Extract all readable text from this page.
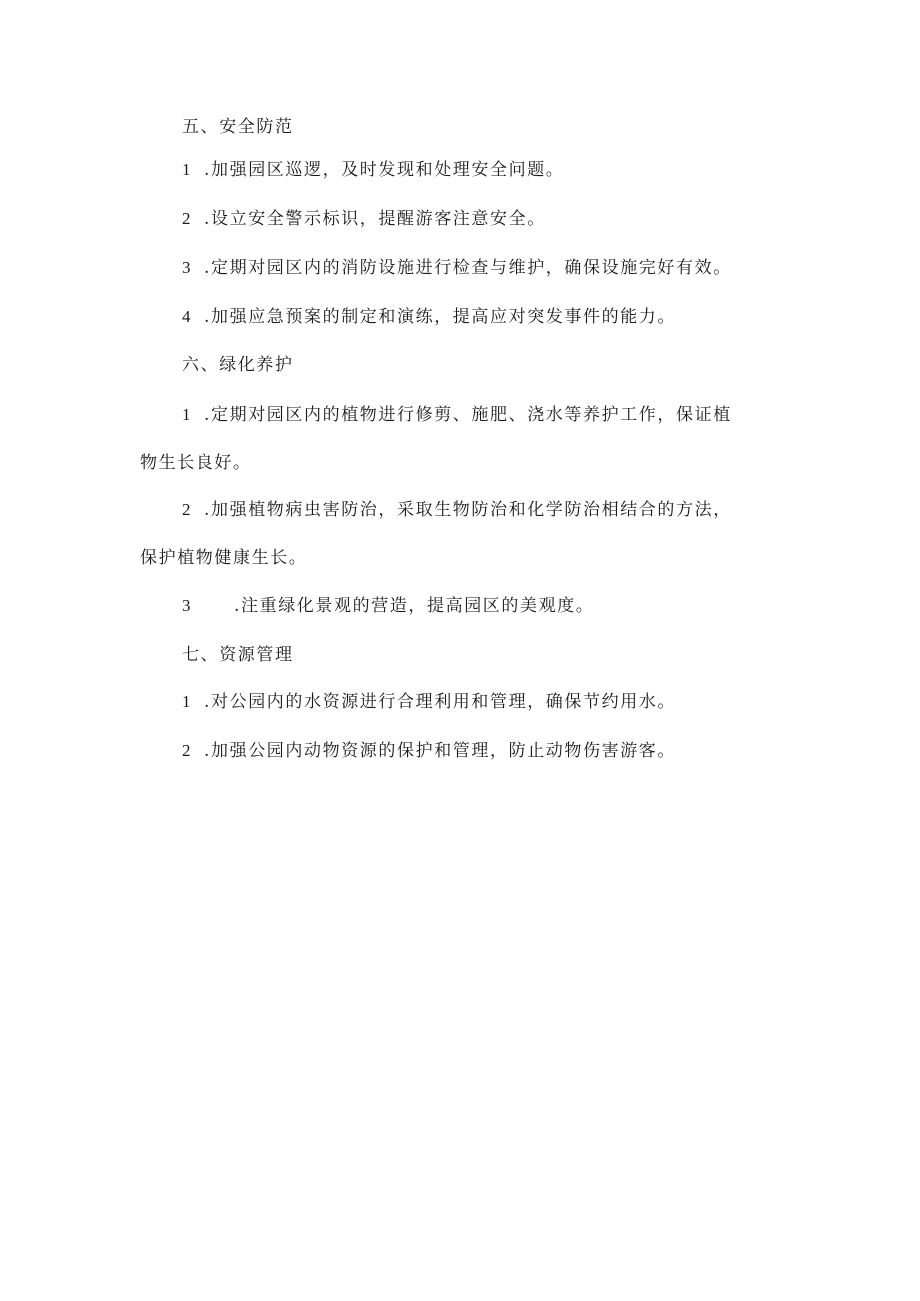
五、安全防范
1 .加强园区巡逻，及时发现和处理安全问题。
2 .设立安全警示标识，提醒游客注意安全。
3 .定期对园区内的消防设施进行检查与维护，确保设施完好有效。
4 .加强应急预案的制定和演练，提高应对突发事件的能力。
六、绿化养护
1 .定期对园区内的植物进行修剪、施肥、浇水等养护工作，保证植
物生长良好。
2 .加强植物病虫害防治，采取生物防治和化学防治相结合的方法，
保护植物健康生长。
3 .注重绿化景观的营造，提高园区的美观度。
七、资源管理
1 .对公园内的水资源进行合理利用和管理，确保节约用水。
2 .加强公园内动物资源的保护和管理，防止动物伤害游客。
